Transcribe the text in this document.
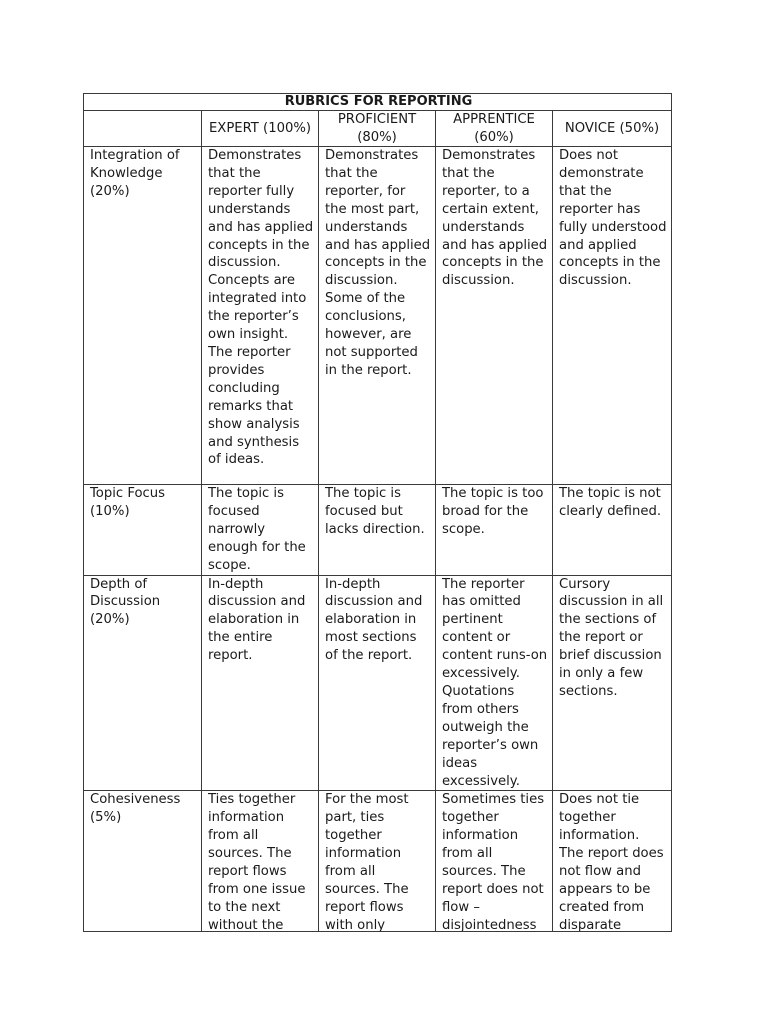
RUBRICS FOR REPORTING				
	EXPERT (100%)	PROFICIENT (80%)	APPRENTICE (60%)	NOVICE (50%)
Integration of Knowledge (20%)	Demonstrates that the reporter fully understands and has applied concepts in the discussion. Concepts are integrated into the reporter’s own insight. The reporter provides concluding remarks that show analysis and synthesis of ideas.	Demonstrates that the reporter, for the most part, understands and has applied concepts in the discussion. Some of the conclusions, however, are not supported in the report.	Demonstrates that the reporter, to a certain extent, understands and has applied concepts in the discussion.	Does not demonstrate that the reporter has fully understood and applied concepts in the discussion.
Topic Focus (10%)	The topic is focused narrowly enough for the scope.	The topic is focused but lacks direction.	The topic is too broad for the scope.	The topic is not clearly defined.
Depth of Discussion (20%)	In-depth discussion and elaboration in the entire report.	In-depth discussion and elaboration in most sections of the report.	The reporter has omitted pertinent content or content runs-on excessively. Quotations from others outweigh the reporter’s own ideas excessively.	Cursory discussion in all the sections of the report or brief discussion in only a few sections.

Cohesiveness (5%)	Ties together information from all sources. The report flows from one issue to the next without the	For the most part, ties together information from all sources. The report flows with only	Sometimes ties together information from all sources. The report does not flow – disjointedness	Does not tie together information. The report does not flow and appears to be created from disparate
